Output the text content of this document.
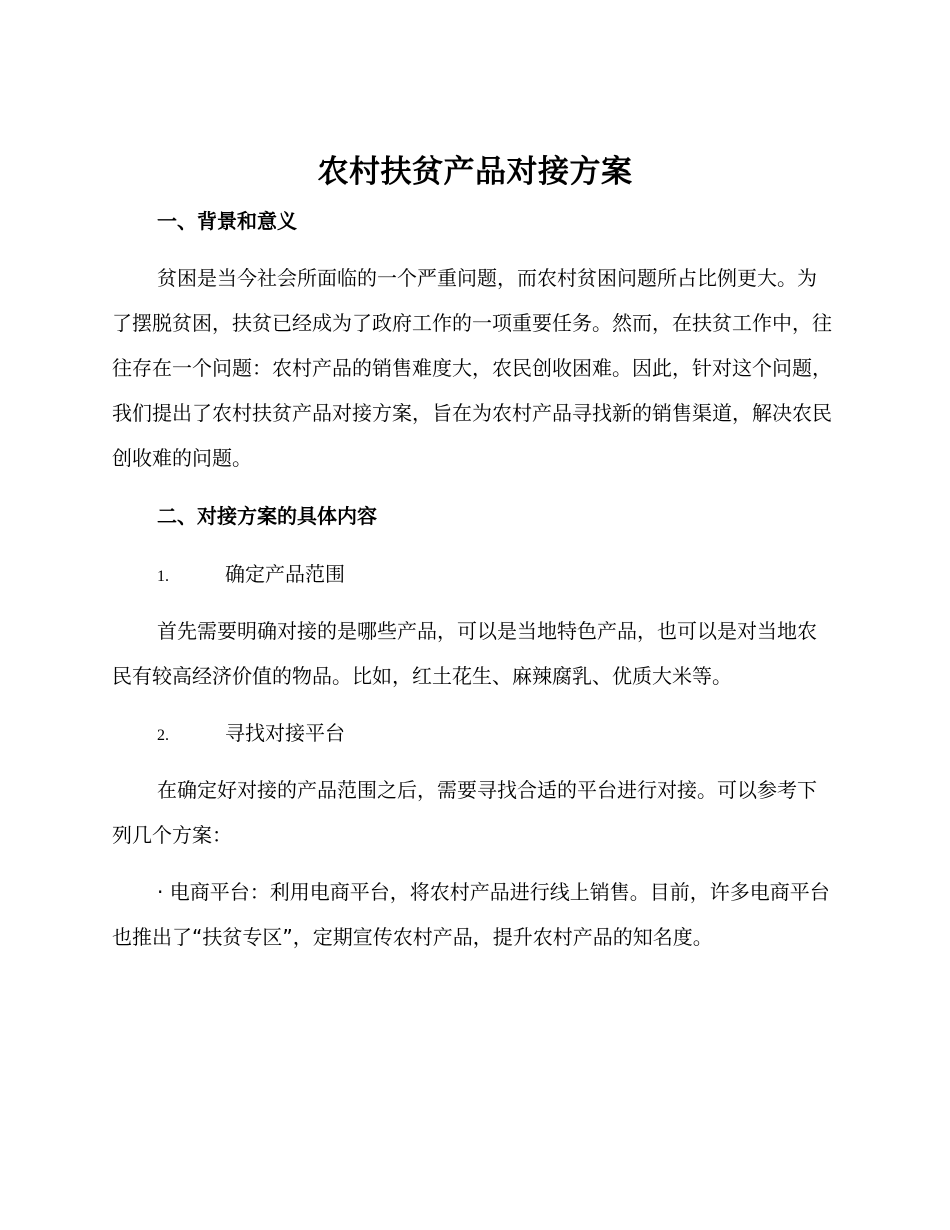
农村扶贫产品对接方案
一、背景和意义
贫困是当今社会所面临的一个严重问题，而农村贫困问题所占比例更大。为了摆脱贫困，扶贫已经成为了政府工作的一项重要任务。然而，在扶贫工作中，往往存在一个问题：农村产品的销售难度大，农民创收困难。因此，针对这个问题，我们提出了农村扶贫产品对接方案，旨在为农村产品寻找新的销售渠道，解决农民创收难的问题。
二、对接方案的具体内容
1.	确定产品范围
首先需要明确对接的是哪些产品，可以是当地特色产品，也可以是对当地农民有较高经济价值的物品。比如，红土花生、麻辣腐乳、优质大米等。
2.	寻找对接平台
在确定好对接的产品范围之后，需要寻找合适的平台进行对接。可以参考下列几个方案：
· 电商平台：利用电商平台，将农村产品进行线上销售。目前，许多电商平台也推出了“扶贫专区”，定期宣传农村产品，提升农村产品的知名度。
